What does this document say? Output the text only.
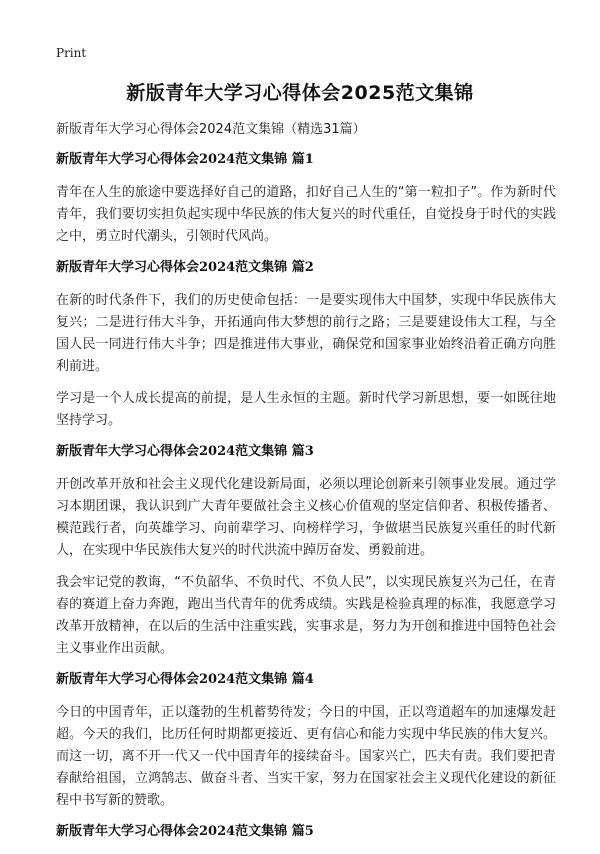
Print
新版青年大学习心得体会2025范文集锦
新版青年大学习心得体会2024范文集锦（精选31篇）
新版青年大学习心得体会2024范文集锦 篇1

青年在人生的旅途中要选择好自己的道路，扣好自己人生的“第一粒扣子”。作为新时代青年，我们要切实担负起实现中华民族的伟大复兴的时代重任，自觉投身于时代的实践之中，勇立时代潮头，引领时代风尚。

新版青年大学习心得体会2024范文集锦 篇2

在新的时代条件下，我们的历史使命包括：一是要实现伟大中国梦，实现中华民族伟大复兴；二是进行伟大斗争，开拓通向伟大梦想的前行之路；三是要建设伟大工程，与全国人民一同进行伟大斗争；四是推进伟大事业，确保党和国家事业始终沿着正确方向胜利前进。

学习是一个人成长提高的前提，是人生永恒的主题。新时代学习新思想，要一如既往地坚持学习。

新版青年大学习心得体会2024范文集锦 篇3

开创改革开放和社会主义现代化建设新局面，必须以理论创新来引领事业发展。通过学习本期团课，我认识到广大青年要做社会主义核心价值观的坚定信仰者、积极传播者、模范践行者，向英雄学习、向前辈学习、向榜样学习，争做堪当民族复兴重任的时代新人，在实现中华民族伟大复兴的时代洪流中踔厉奋发、勇毅前进。

我会牢记党的教诲，“不负韶华、不负时代、不负人民”，以实现民族复兴为己任，在青春的赛道上奋力奔跑，跑出当代青年的优秀成绩。实践是检验真理的标准，我愿意学习改革开放精神，在以后的生活中注重实践，实事求是，努力为开创和推进中国特色社会主义事业作出贡献。

新版青年大学习心得体会2024范文集锦 篇4

今日的中国青年，正以蓬勃的生机蓄势待发；今日的中国，正以弯道超车的加速爆发赶超。今天的我们，比历任何时期都更接近、更有信心和能力实现中华民族的伟大复兴。而这一切，离不开一代又一代中国青年的接续奋斗。国家兴亡，匹夫有责。我们要把青春献给祖国，立鸿鹄志、做奋斗者、当实干家，努力在国家社会主义现代化建设的新征程中书写新的赞歌。

新版青年大学习心得体会2024范文集锦 篇5
